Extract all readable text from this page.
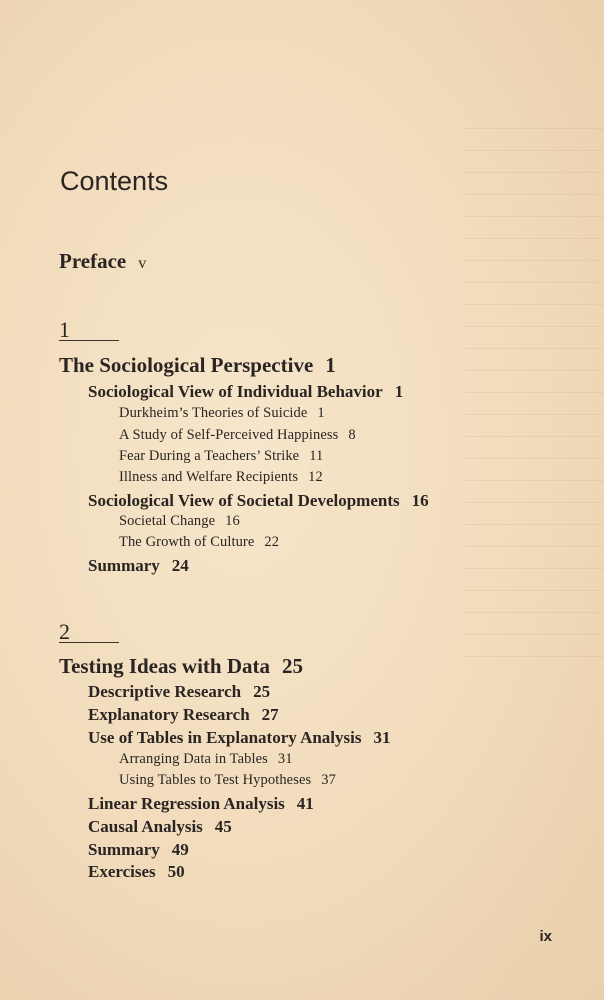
Contents
Preface v
1
The Sociological Perspective 1
Sociological View of Individual Behavior 1
Durkheim’s Theories of Suicide 1
A Study of Self-Perceived Happiness 8
Fear During a Teachers’ Strike 11
Illness and Welfare Recipients 12
Sociological View of Societal Developments 16
Societal Change 16
The Growth of Culture 22
Summary 24
2
Testing Ideas with Data 25
Descriptive Research 25
Explanatory Research 27
Use of Tables in Explanatory Analysis 31
Arranging Data in Tables 31
Using Tables to Test Hypotheses 37
Linear Regression Analysis 41
Causal Analysis 45
Summary 49
Exercises 50
ix
